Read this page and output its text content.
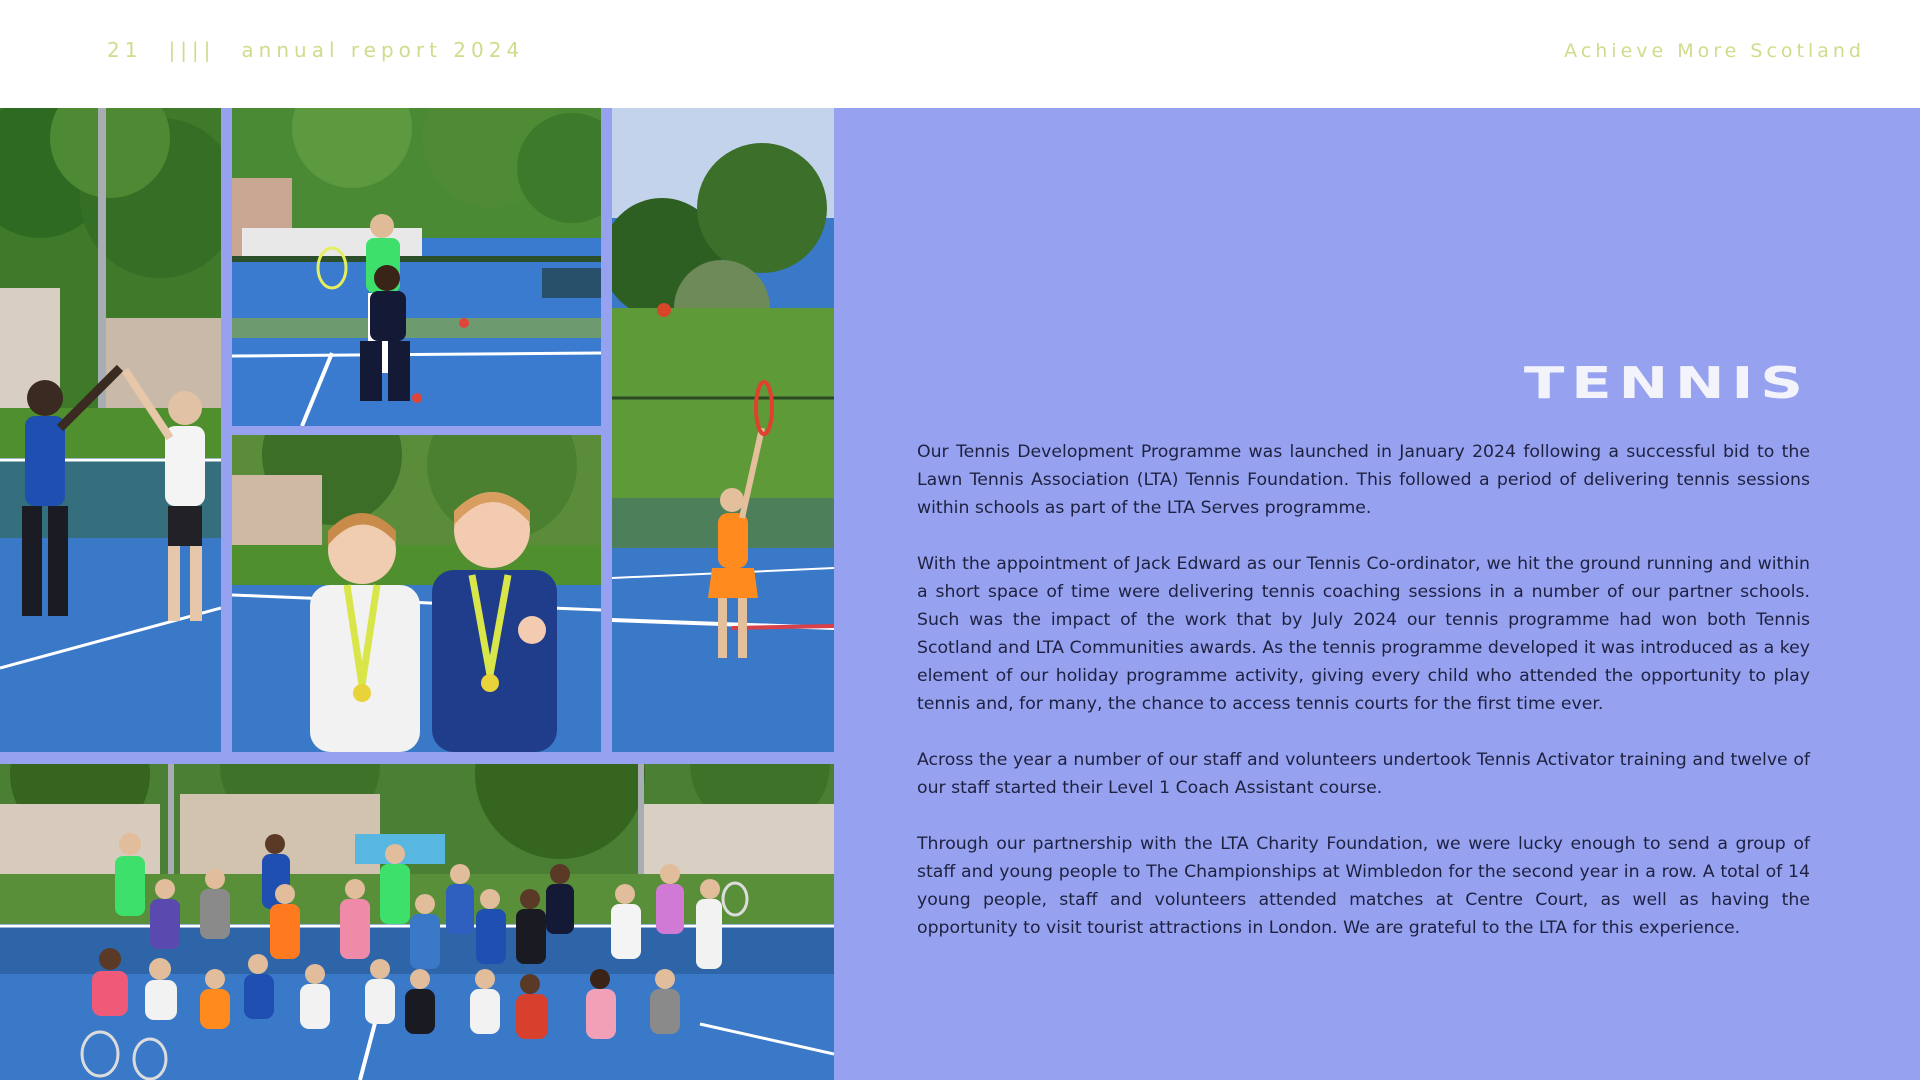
21 |||| annual report 2024	Achieve More Scotland
TENNIS

Our Tennis Development Programme was launched in January 2024 following a successful bid to the Lawn Tennis Association (LTA) Tennis Foundation. This followed a period of delivering tennis sessions within schools as part of the LTA Serves programme.

With the appointment of Jack Edward as our Tennis Co-ordinator, we hit the ground running and within a short space of time were delivering tennis coaching sessions in a number of our partner schools. Such was the impact of the work that by July 2024 our tennis programme had won both Tennis Scotland and LTA Communities awards. As the tennis programme developed it was introduced as a key element of our holiday programme activity, giving every child who attended the opportunity to play tennis and, for many, the chance to access tennis courts for the first time ever.

Across the year a number of our staff and volunteers undertook Tennis Activator training and twelve of our staff started their Level 1 Coach Assistant course.

Through our partnership with the LTA Charity Foundation, we were lucky enough to send a group of staff and young people to The Championships at Wimbledon for the second year in a row. A total of 14 young people, staff and volunteers attended matches at Centre Court, as well as having the opportunity to visit tourist attractions in London. We are grateful to the LTA for this experience.
